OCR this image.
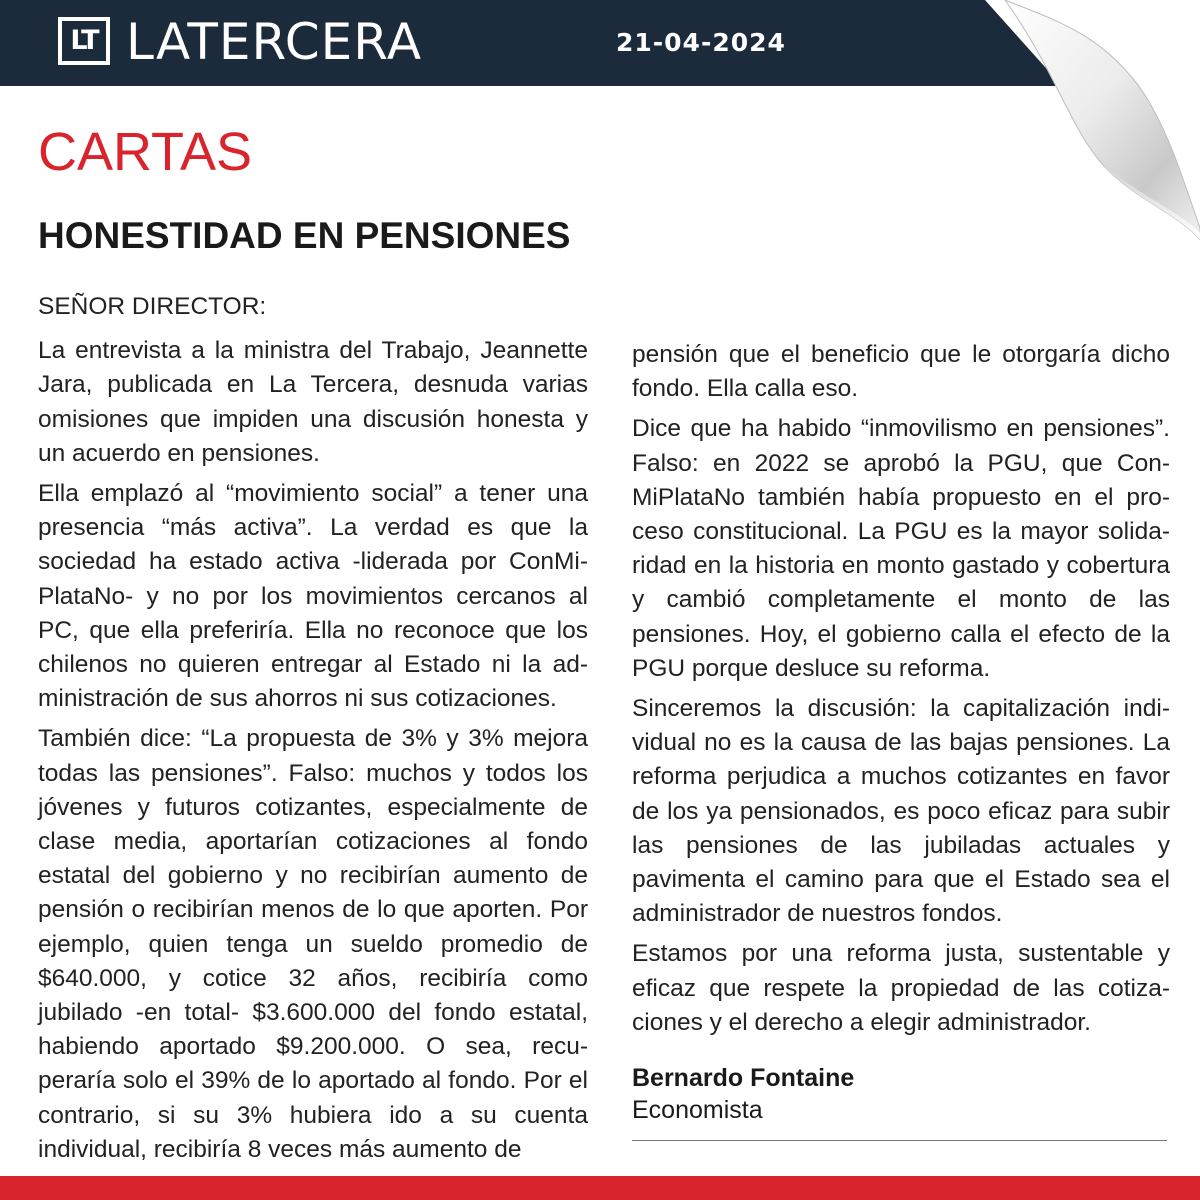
LT LATERCERA	21-04-2024
CARTAS
HONESTIDAD EN PENSIONES

SEÑOR DIRECTOR:

La entrevista a la ministra del Trabajo, Jeannette Jara, publicada en La Tercera, desnuda varias omisiones que impiden una discusión honesta y un acuerdo en pensiones.

Ella emplazó al “movimiento social” a tener una presencia “más activa”. La verdad es que la sociedad ha estado activa -liderada por ConMiPlataNo- y no por los movimientos cercanos al PC, que ella preferiría. Ella no reconoce que los chilenos no quieren entregar al Estado ni la administración de sus ahorros ni sus cotizaciones.

También dice: “La propuesta de 3% y 3% mejora todas las pensiones”. Falso: muchos y todos los jóvenes y futuros cotizantes, especialmente de clase media, aportarían cotizaciones al fondo estatal del gobierno y no recibirían aumento de pensión o recibirían menos de lo que aporten. Por ejemplo, quien tenga un sueldo promedio de $640.000, y cotice 32 años, recibiría como jubilado -en total- $3.600.000 del fondo estatal, habiendo aportado $9.200.000. O sea, recuperaría solo el 39% de lo aportado al fondo. Por el contrario, si su 3% hubiera ido a su cuenta individual, recibiría 8 veces más aumento de

pensión que el beneficio que le otorgaría dicho fondo. Ella calla eso.

Dice que ha habido “inmovilismo en pensiones”. Falso: en 2022 se aprobó la PGU, que ConMiPlataNo también había propuesto en el proceso constitucional. La PGU es la mayor solidaridad en la historia en monto gastado y cobertura y cambió completamente el monto de las pensiones. Hoy, el gobierno calla el efecto de la PGU porque desluce su reforma.

Sinceremos la discusión: la capitalización individual no es la causa de las bajas pensiones. La reforma perjudica a muchos cotizantes en favor de los ya pensionados, es poco eficaz para subir las pensiones de las jubiladas actuales y pavimenta el camino para que el Estado sea el administrador de nuestros fondos.

Estamos por una reforma justa, sustentable y eficaz que respete la propiedad de las cotizaciones y el derecho a elegir administrador.

Bernardo Fontaine
Economista
